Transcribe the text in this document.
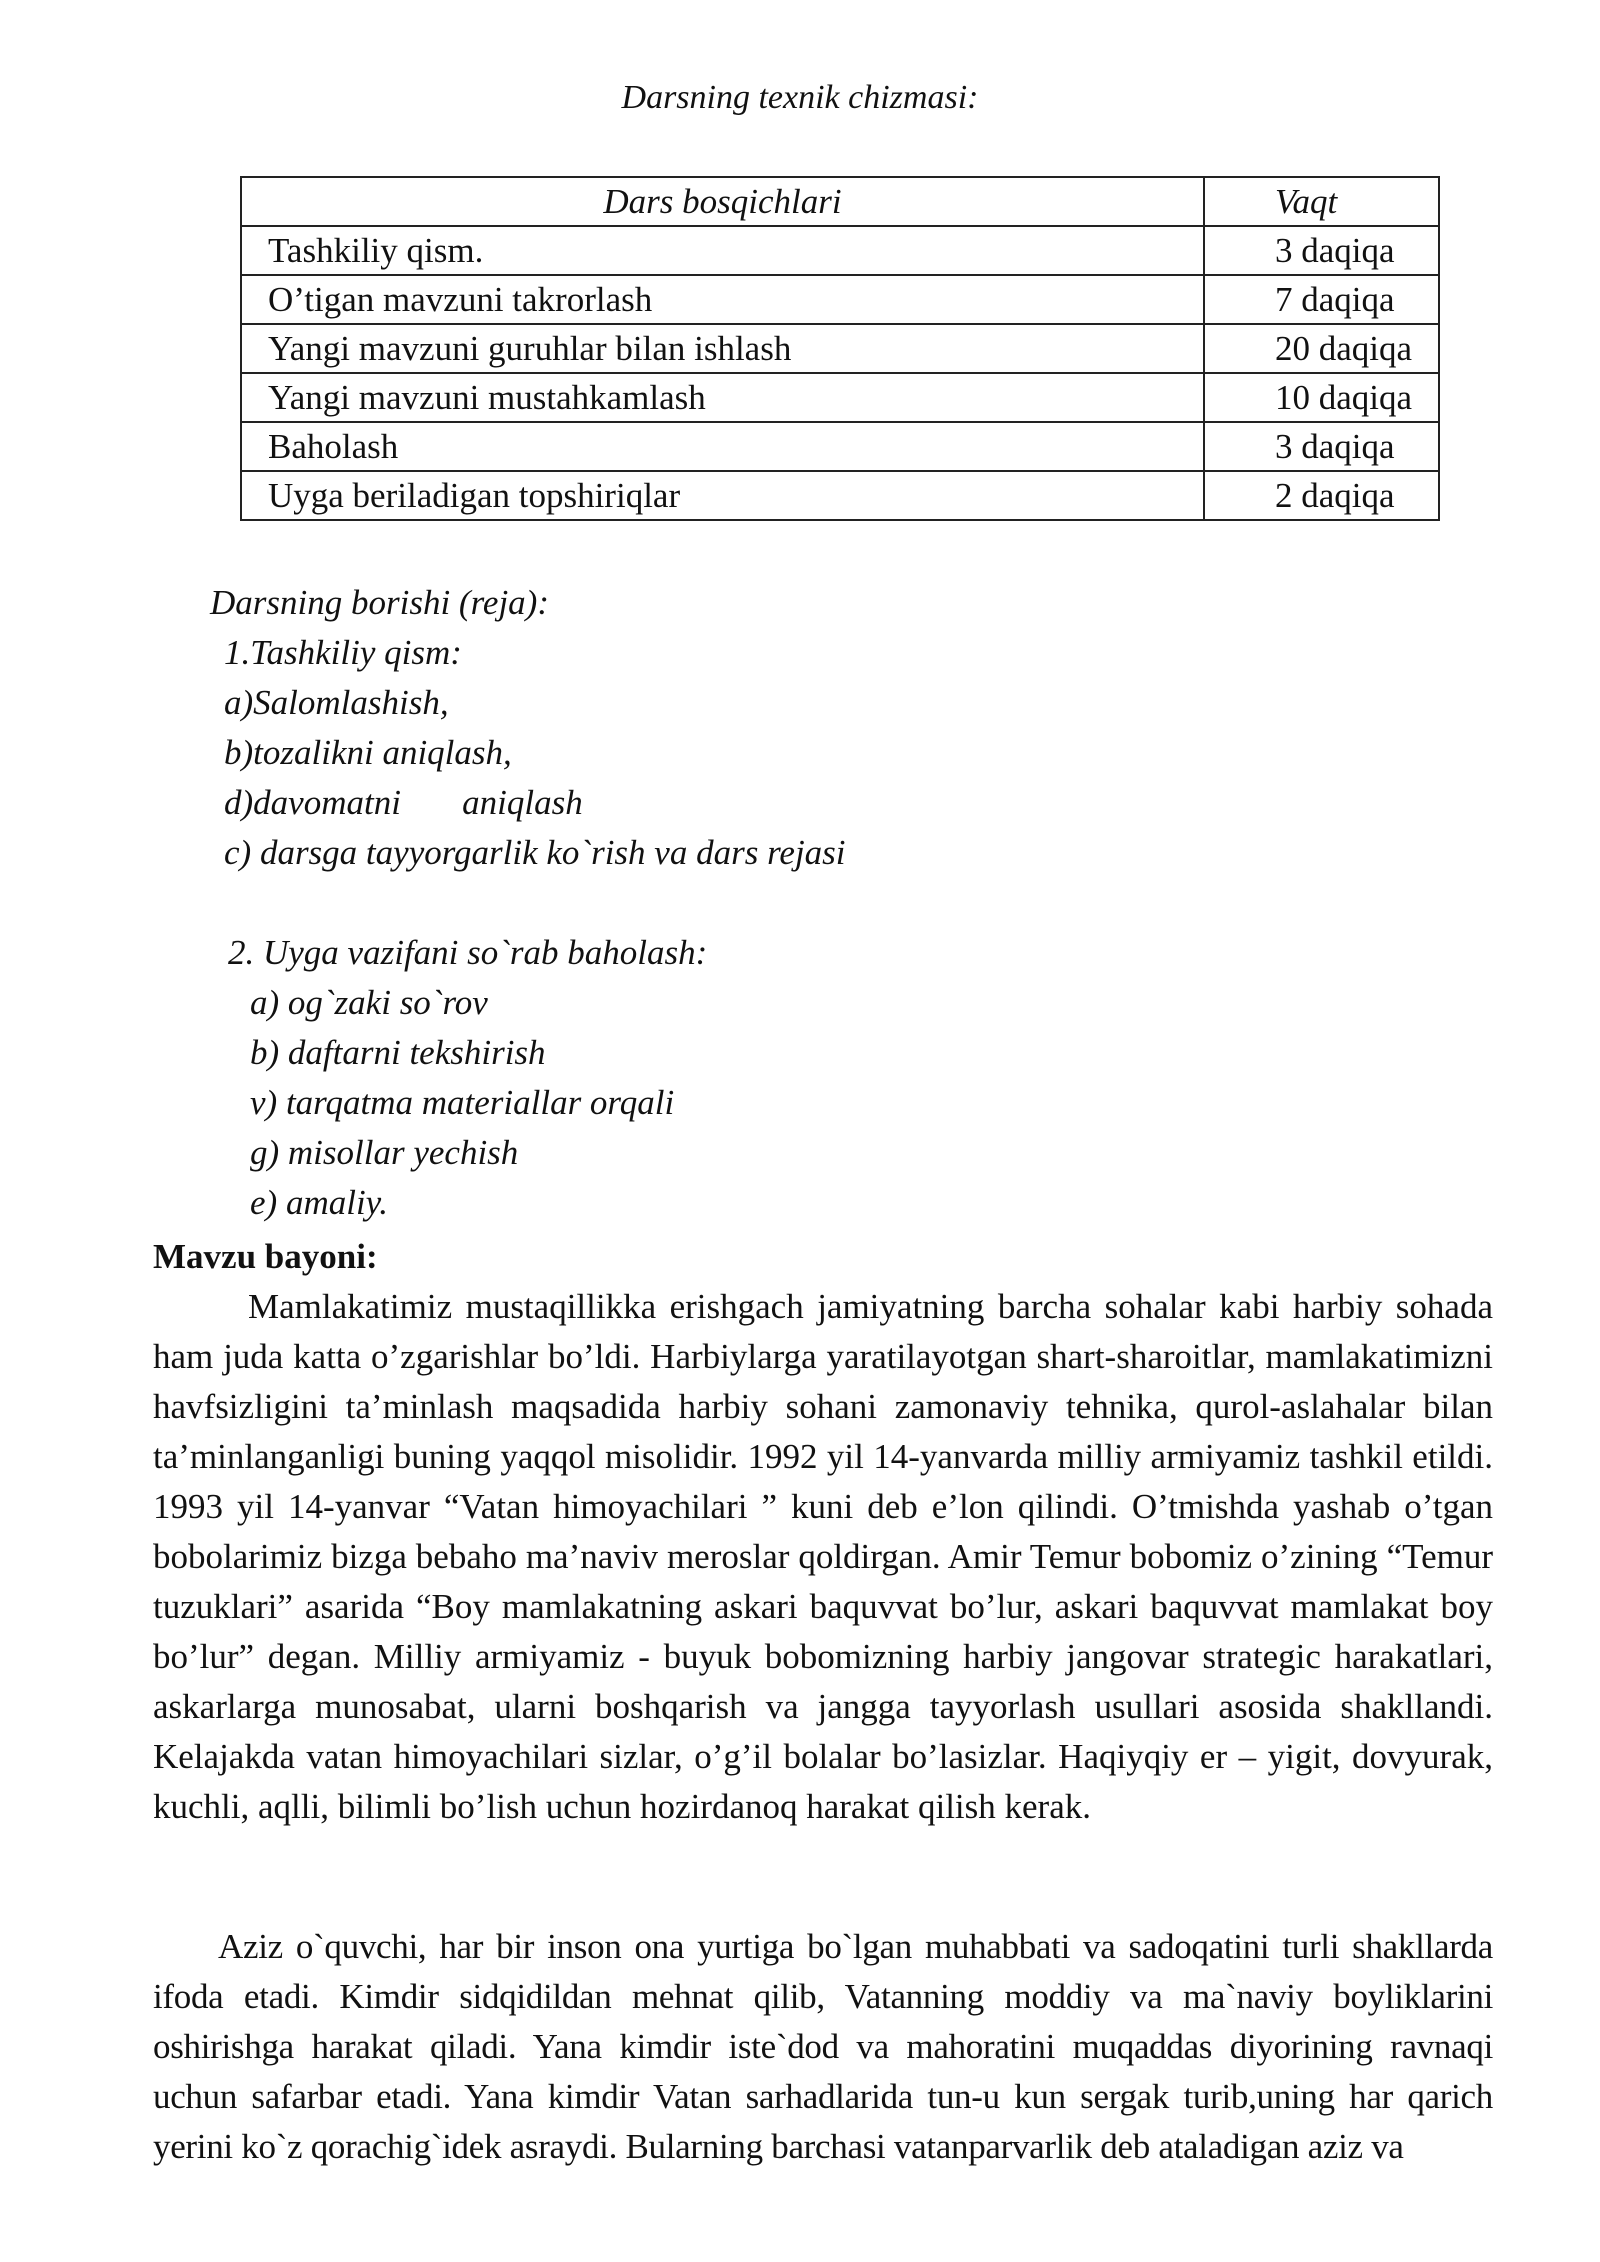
Darsning texnik chizmasi:
Dars bosqichlari	Vaqt
Tashkiliy qism.	3 daqiqa
O’tigan mavzuni takrorlash	7 daqiqa
Yangi mavzuni guruhlar bilan ishlash	20 daqiqa
Yangi mavzuni mustahkamlash	10 daqiqa
Baholash	3 daqiqa
Uyga beriladigan topshiriqlar	2 daqiqa
Darsning borishi (reja):
1.Tashkiliy qism:
a)Salomlashish,
b)tozalikni aniqlash,
d)davomatni       aniqlash
c) darsga tayyorgarlik ko`rish va dars rejasi
2. Uyga vazifani so`rab baholash:
a) og`zaki so`rov
b) daftarni tekshirish
v) tarqatma materiallar orqali
g) misollar yechish
e) amaliy.
Mavzu bayoni:
Mamlakatimiz mustaqillikka erishgach jamiyatning barcha sohalar kabi harbiy sohada ham juda katta o’zgarishlar bo’ldi. Harbiylarga yaratilayotgan shart-sharoitlar, mamlakatimizni havfsizligini ta’minlash maqsadida harbiy sohani zamonaviy tehnika, qurol-aslahalar bilan ta’minlanganligi buning yaqqol misolidir. 1992 yil 14-yanvarda milliy armiyamiz tashkil etildi. 1993 yil 14-yanvar “Vatan himoyachilari ” kuni deb e’lon qilindi. O’tmishda yashab o’tgan bobolarimiz bizga bebaho ma’naviv meroslar qoldirgan. Amir Temur bobomiz o’zining “Temur tuzuklari” asarida “Boy mamlakatning askari baquvvat bo’lur, askari baquvvat mamlakat boy bo’lur” degan. Milliy armiyamiz - buyuk bobomizning harbiy jangovar strategic harakatlari, askarlarga munosabat, ularni boshqarish va jangga tayyorlash usullari asosida shakllandi. Kelajakda vatan himoyachilari sizlar, o’g’il bolalar bo’lasizlar. Haqiyqiy er – yigit, dovyurak, kuchli, aqlli, bilimli bo’lish uchun hozirdanoq harakat qilish kerak.
Aziz o`quvchi, har bir inson ona yurtiga bo`lgan muhabbati va sadoqatini turli shakllarda ifoda etadi. Kimdir sidqidildan mehnat qilib, Vatanning moddiy va ma`naviy boyliklarini oshirishga harakat qiladi. Yana kimdir iste`dod va mahoratini muqaddas diyorining ravnaqi uchun safarbar etadi. Yana kimdir Vatan sarhadlarida tun-u kun sergak turib,uning har qarich yerini ko`z qorachig`idek asraydi. Bularning barchasi vatanparvarlik deb ataladigan aziz va
